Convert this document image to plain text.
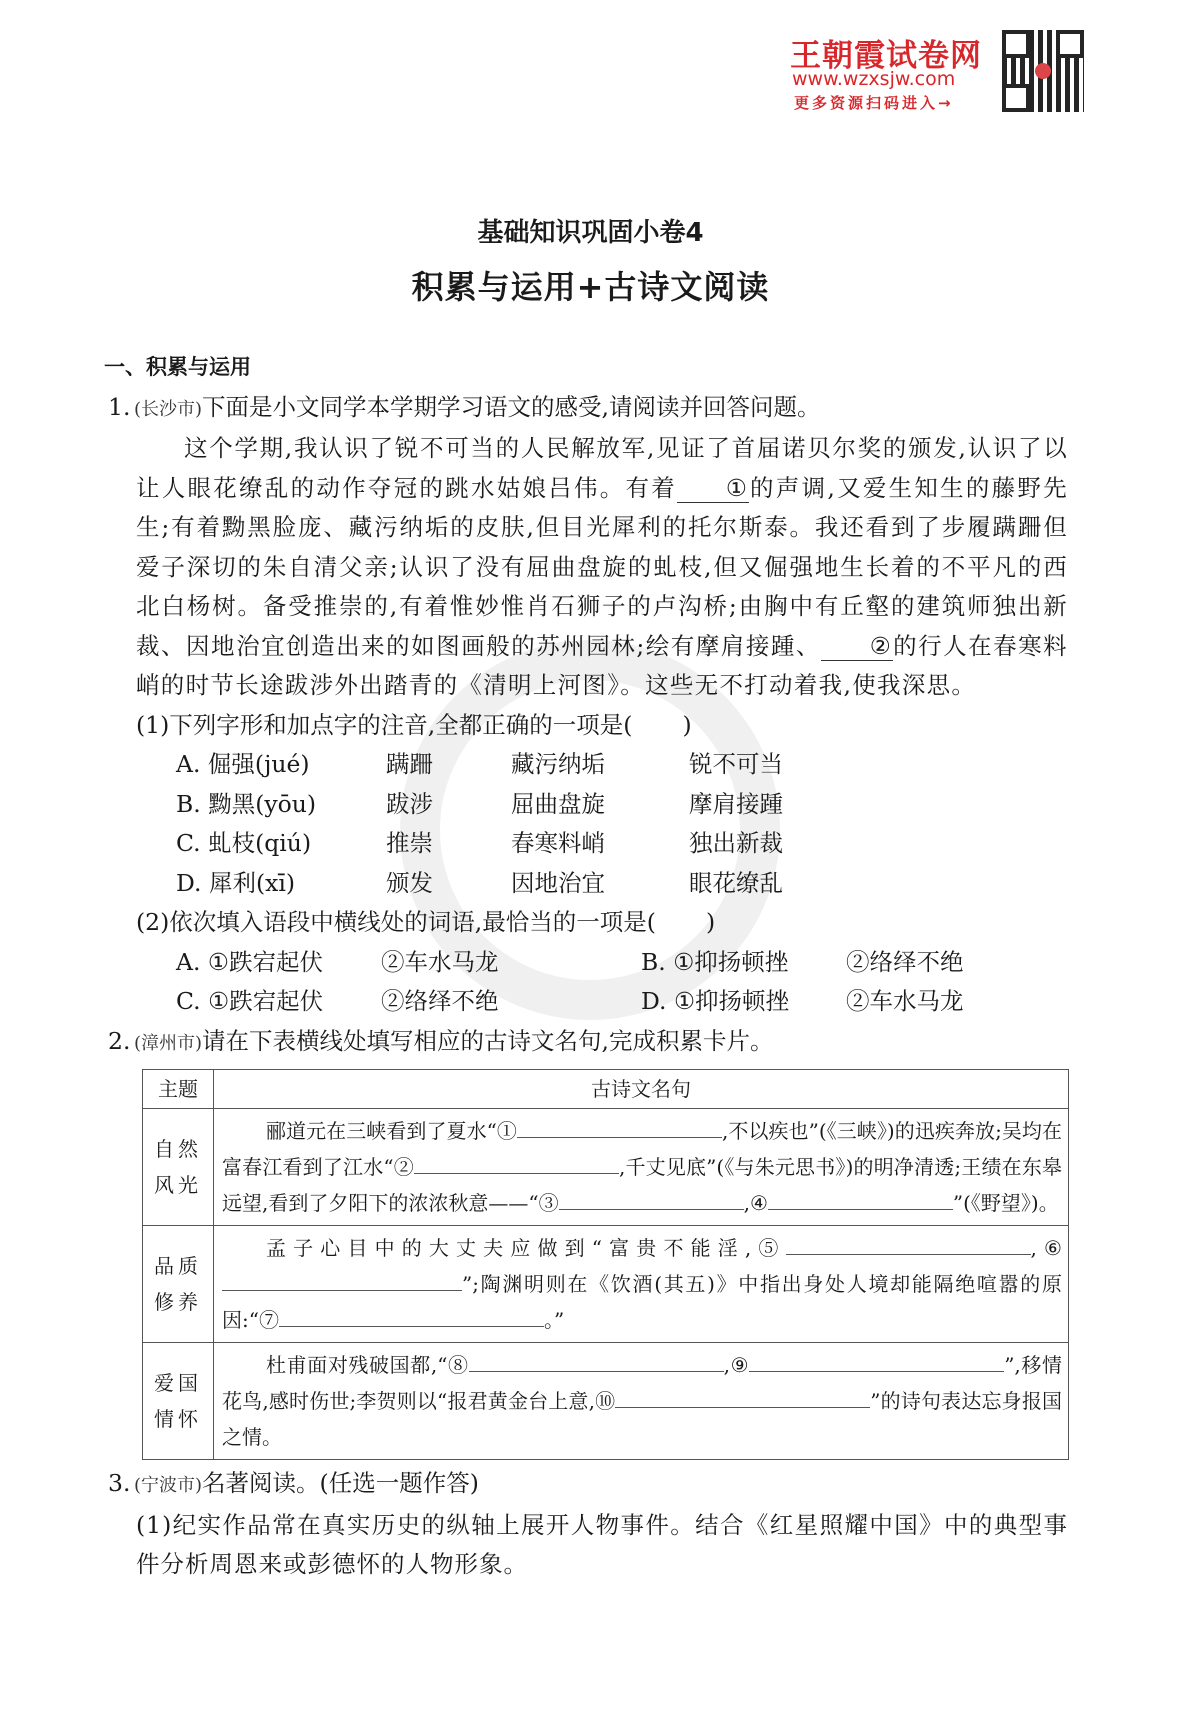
王朝霞试卷网
www.wzxsjw.com
更多资源扫码进入→
基础知识巩固小卷4
积累与运用+古诗文阅读
一、积累与运用
1. (长沙市)下面是小文同学本学期学习语文的感受,请阅读并回答问题。

这个学期,我认识了锐不可当的人民解放军,见证了首届诺贝尔奖的颁发,认识了以让人眼花缭乱的动作夺冠的跳水姑娘吕伟。有着 ①的声调,又爱生知生的藤野先生;有着黝黑脸庞、藏污纳垢的皮肤,但目光犀利的托尔斯泰。我还看到了步履蹒跚但爱子深切的朱自清父亲;认识了没有屈曲盘旋的虬枝,但又倔强地生长着的不平凡的西北白杨树。备受推崇的,有着惟妙惟肖石狮子的卢沟桥;由胸中有丘壑的建筑师独出新裁、因地治宜创造出来的如图画般的苏州园林;绘有摩肩接踵、 ②的行人在春寒料峭的时节长途跋涉外出踏青的《清明上河图》。这些无不打动着我,使我深思。

(1)下列字形和加点字的注音,全都正确的一项是( )
A. 倔强(jué)	蹒跚	藏污纳垢	锐不可当
B. 黝黑(yōu)	跋涉	屈曲盘旋	摩肩接踵
C. 虬枝(qiú)	推崇	春寒料峭	独出新裁
D. 犀利(xī)	颁发	因地治宜	眼花缭乱
(2)依次填入语段中横线处的词语,最恰当的一项是( )
A. ①跌宕起伏	②车水马龙	B. ①抑扬顿挫	②络绎不绝
C. ①跌宕起伏	②络绎不绝	D. ①抑扬顿挫	②车水马龙
2. (漳州市)请在下表横线处填写相应的古诗文名句,完成积累卡片。
主题	古诗文名句
自然风光	郦道元在三峡看到了夏水“① ,不以疾也”(《三峡》)的迅疾奔放;吴均在富春江看到了江水“② ,千丈见底”(《与朱元思书》)的明净清透;王绩在东皋远望,看到了夕阳下的浓浓秋意——“③ ,④ ”(《野望》)。

品质修养	孟子心目中的大丈夫应做到“富贵不能淫,⑤ ,⑥”;陶渊明则在《饮酒(其五)》中指出身处人境却能隔绝喧嚣的原因:“⑦ 。”

爱国情怀	杜甫面对残破国都,“⑧ ,⑨ ”,移情花鸟,感时伤世;李贺则以“报君黄金台上意,⑩ ”的诗句表达忘身报国之情。

3. (宁波市)名著阅读。(任选一题作答)

(1)纪实作品常在真实历史的纵轴上展开人物事件。结合《红星照耀中国》中的典型事件分析周恩来或彭德怀的人物形象。
